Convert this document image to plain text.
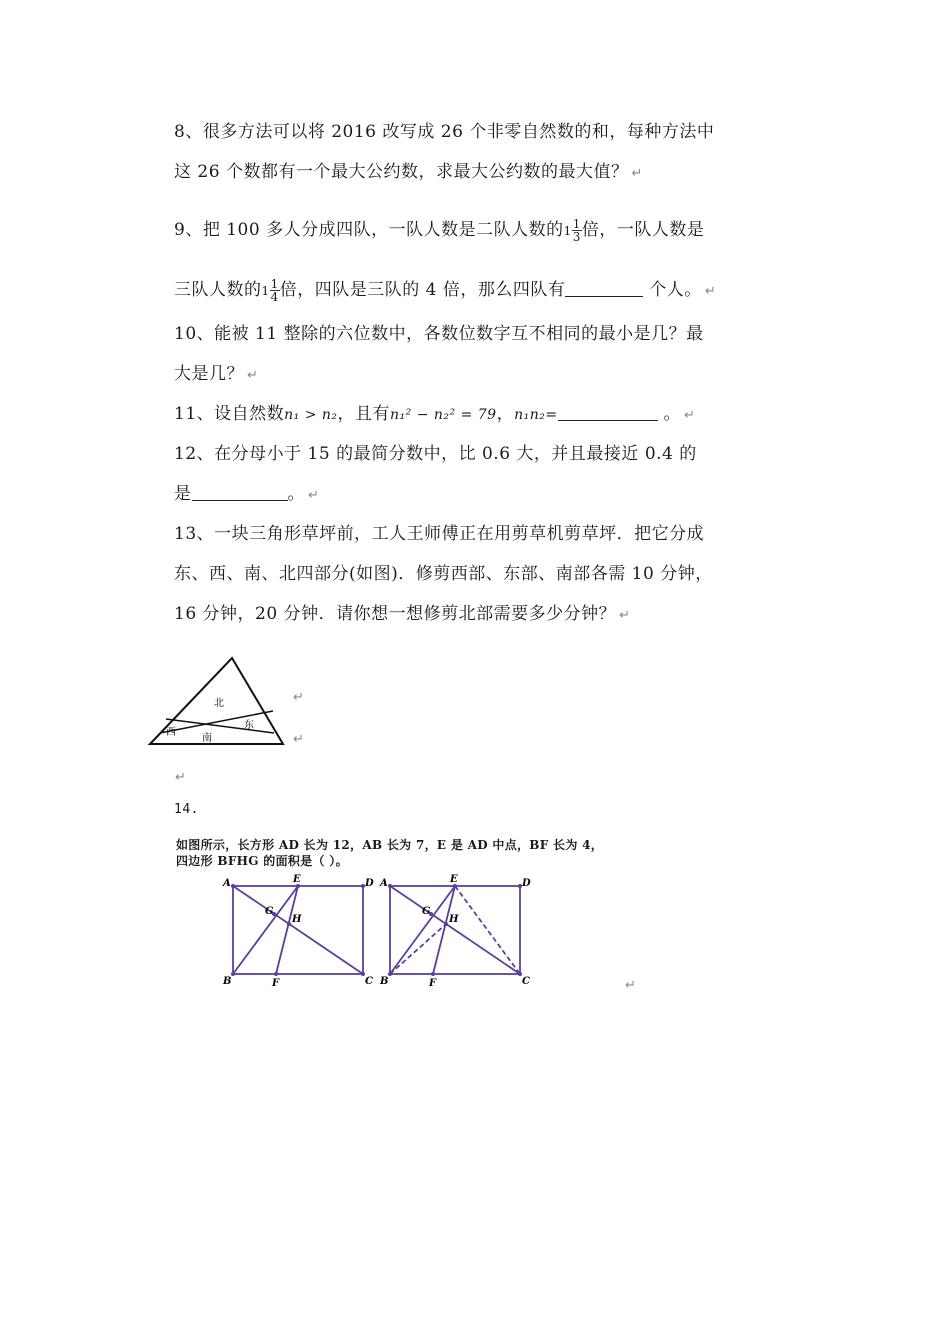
8、很多方法可以将 2016 改写成 26 个非零自然数的和，每种方法中
这 26 个数都有一个最大公约数，求最大公约数的最大值？ ↵
9、把 100 多人分成四队，一队人数是二队人数的$1 \frac{1}{3}$ 倍，一队人数是
三队人数的$1 \frac{1}{4}$ 倍，四队是三队的 4 倍，那么四队有	个人。 ↵
10、能被 11 整除的六位数中，各数位数字互不相同的最小是几？最
大是几？ ↵
11、设自然数n₁ > n₂，且有n₁² − n₂² = 79，n₁n₂=	。 ↵
12、在分母小于 15 的最简分数中，比 0.6 大，并且最接近 0.4 的
是	。 ↵
13、一块三角形草坪前，工人王师傅正在用剪草机剪草坪．把它分成
东、西、南、北四部分(如图)．修剪西部、东部、南部各需 10 分钟，
16 分钟，20 分钟．请你想一想修剪北部需要多少分钟？ ↵
北
东
西
南
↵
↵
↵
14.
如图所示，长方形 AD 长为 12，AB 长为 7，E 是 AD 中点，BF 长为 4，
四边形 BFHG 的面积是（ ）。
A	E	D
B	F	C
G
H
A	E	D
B	F	C
G
H
↵
